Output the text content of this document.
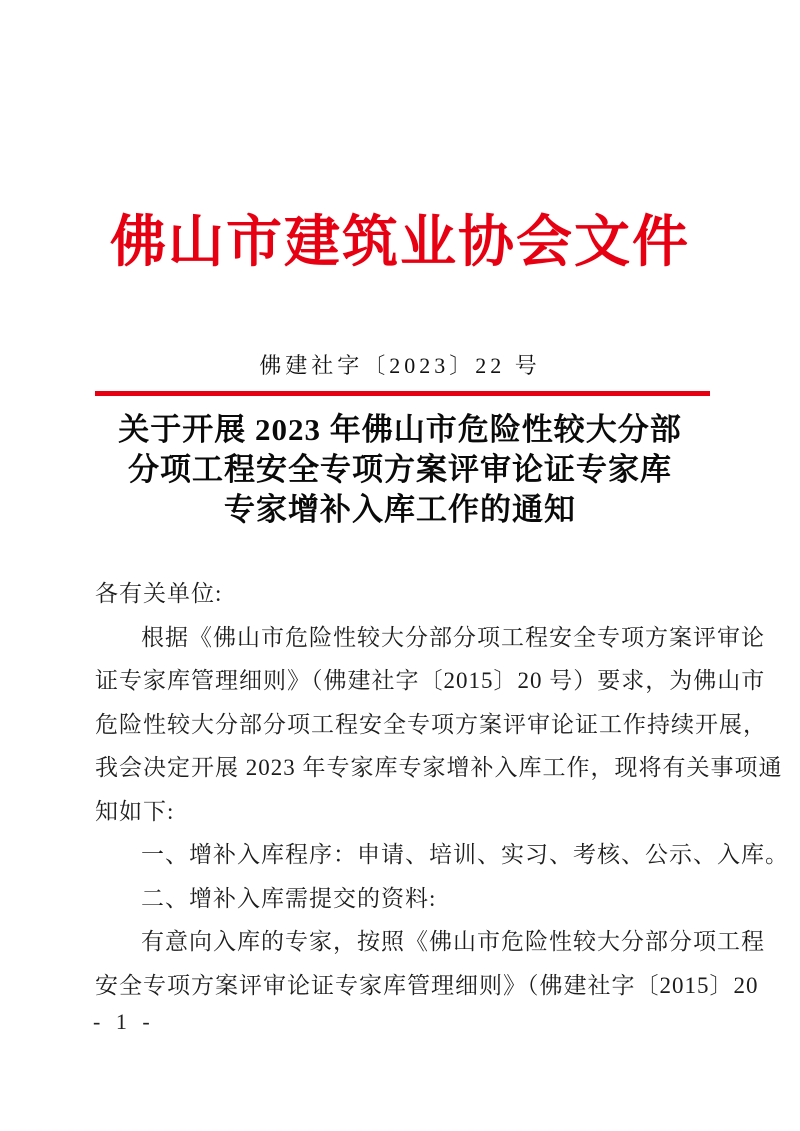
佛山市建筑业协会文件
佛建社字〔2023〕22 号
关于开展 2023 年佛山市危险性较大分部
分项工程安全专项方案评审论证专家库
专家增补入库工作的通知
各有关单位:
根据《佛山市危险性较大分部分项工程安全专项方案评审论
证专家库管理细则》（佛建社字〔2015〕20 号）要求，为佛山市
危险性较大分部分项工程安全专项方案评审论证工作持续开展，
我会决定开展 2023 年专家库专家增补入库工作，现将有关事项通
知如下:
一、增补入库程序：申请、培训、实习、考核、公示、入库。
二、增补入库需提交的资料:
有意向入库的专家，按照《佛山市危险性较大分部分项工程
安全专项方案评审论证专家库管理细则》（佛建社字〔2015〕20
- 1 -
